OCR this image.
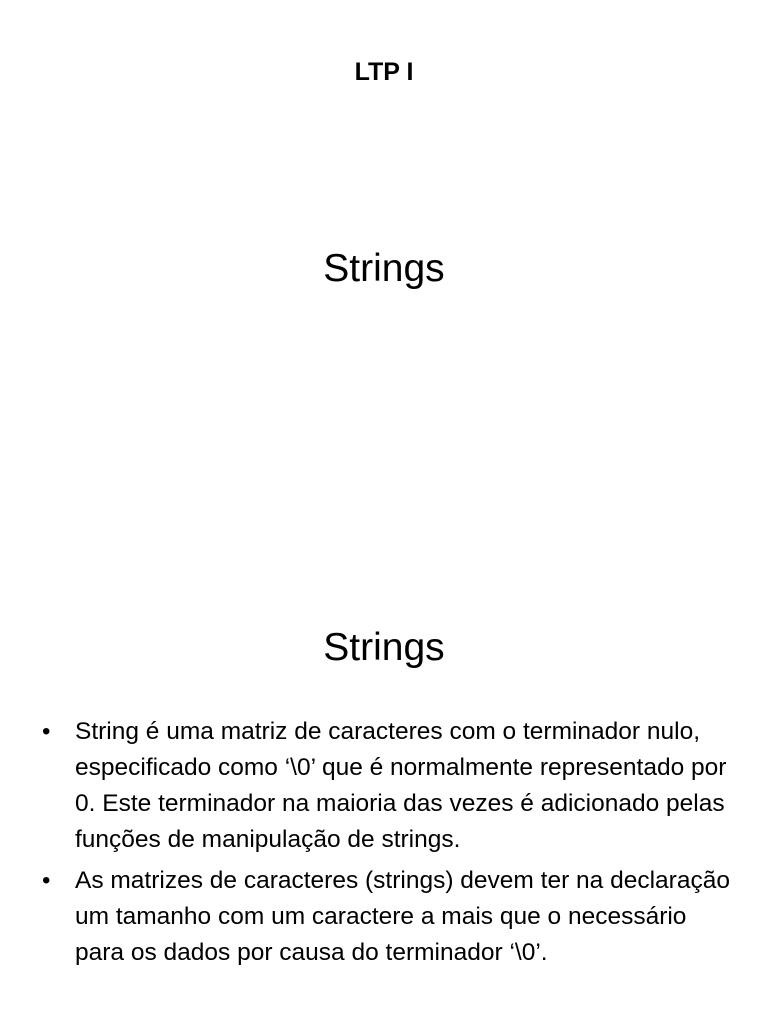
LTP I
Strings
Strings
• String é uma matriz de caracteres com o terminador nulo, especificado como ‘\0’ que é normalmente representado por 0. Este terminador na maioria das vezes é adicionado pelas funções de manipulação de strings.
• As matrizes de caracteres (strings) devem ter na declaração um tamanho com um caractere a mais que o necessário para os dados por causa do terminador ‘\0’.
